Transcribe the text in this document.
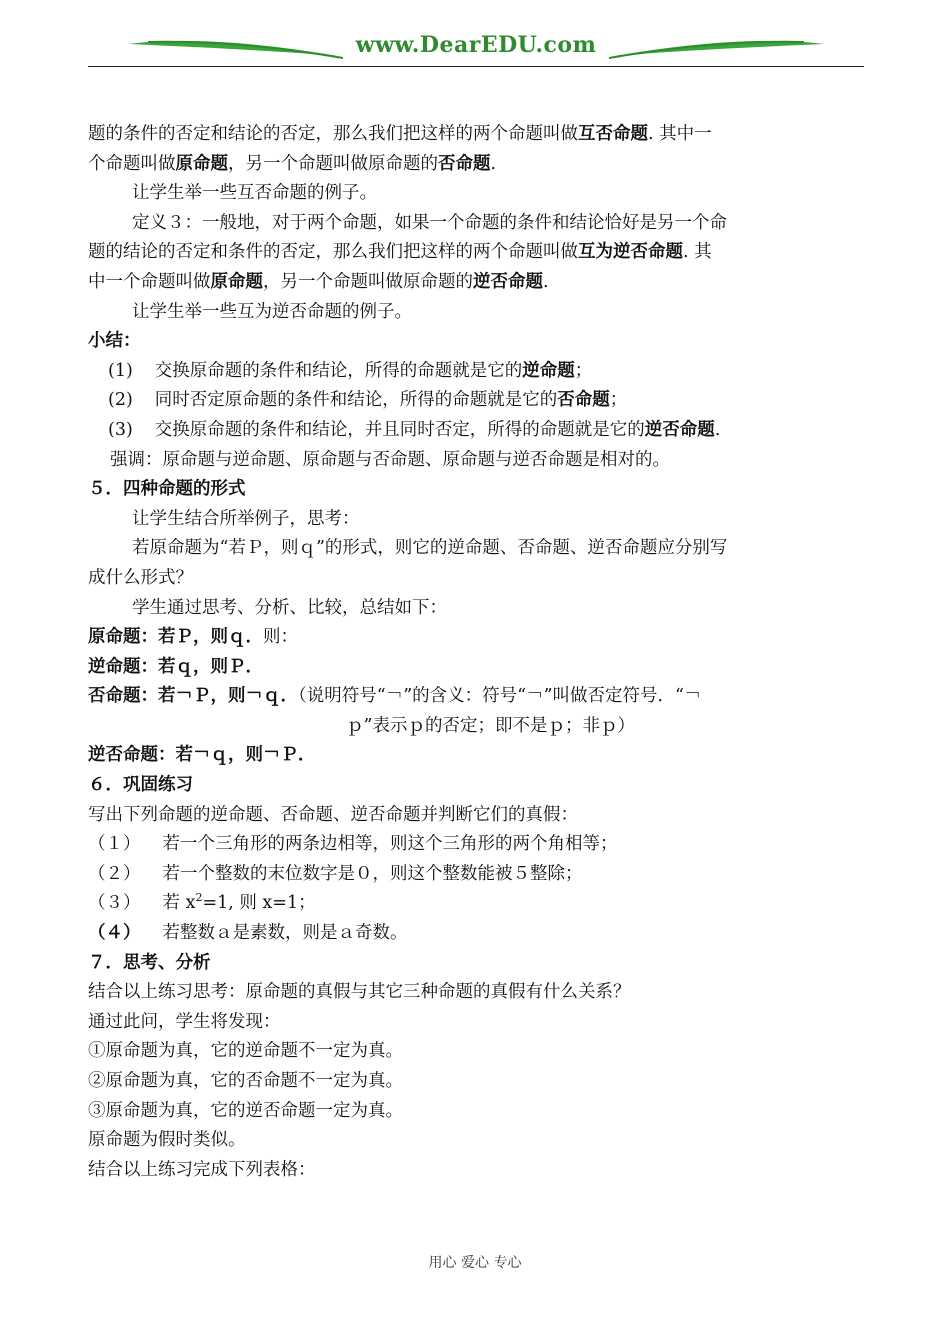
www.DearEDU.com
题的条件的否定和结论的否定，那么我们把这样的两个命题叫做互否命题. 其中一
个命题叫做原命题，另一个命题叫做原命题的否命题.
让学生举一些互否命题的例子。
定义３：一般地，对于两个命题，如果一个命题的条件和结论恰好是另一个命
题的结论的否定和条件的否定，那么我们把这样的两个命题叫做互为逆否命题. 其
中一个命题叫做原命题，另一个命题叫做原命题的逆否命题.
让学生举一些互为逆否命题的例子。
小结：
(1) 交换原命题的条件和结论，所得的命题就是它的逆命题；
(2) 同时否定原命题的条件和结论，所得的命题就是它的否命题；
(3) 交换原命题的条件和结论，并且同时否定，所得的命题就是它的逆否命题.
强调：原命题与逆命题、原命题与否命题、原命题与逆否命题是相对的。
５．四种命题的形式
让学生结合所举例子，思考：
若原命题为“若Ｐ，则ｑ”的形式，则它的逆命题、否命题、逆否命题应分别写
成什么形式？
学生通过思考、分析、比较，总结如下：
原命题：若Ｐ，则ｑ．则：
逆命题：若ｑ，则Ｐ．
否命题：若￢Ｐ，则￢ｑ．（说明符号“￢”的含义：符号“￢”叫做否定符号．“￢
ｐ”表示ｐ的否定；即不是ｐ；非ｐ）
逆否命题：若￢ｑ，则￢Ｐ．
６．巩固练习
写出下列命题的逆命题、否命题、逆否命题并判断它们的真假：
（１） 若一个三角形的两条边相等，则这个三角形的两个角相等；
（２） 若一个整数的末位数字是０，则这个整数能被５整除；
（３） 若 $x^2=1$, 则 x=1；
（４） 若整数ａ是素数，则是ａ奇数。
７．思考、分析
结合以上练习思考：原命题的真假与其它三种命题的真假有什么关系？
通过此问，学生将发现：
①原命题为真，它的逆命题不一定为真。
②原命题为真，它的否命题不一定为真。
③原命题为真，它的逆否命题一定为真。
原命题为假时类似。
结合以上练习完成下列表格：
用心 爱心 专心
